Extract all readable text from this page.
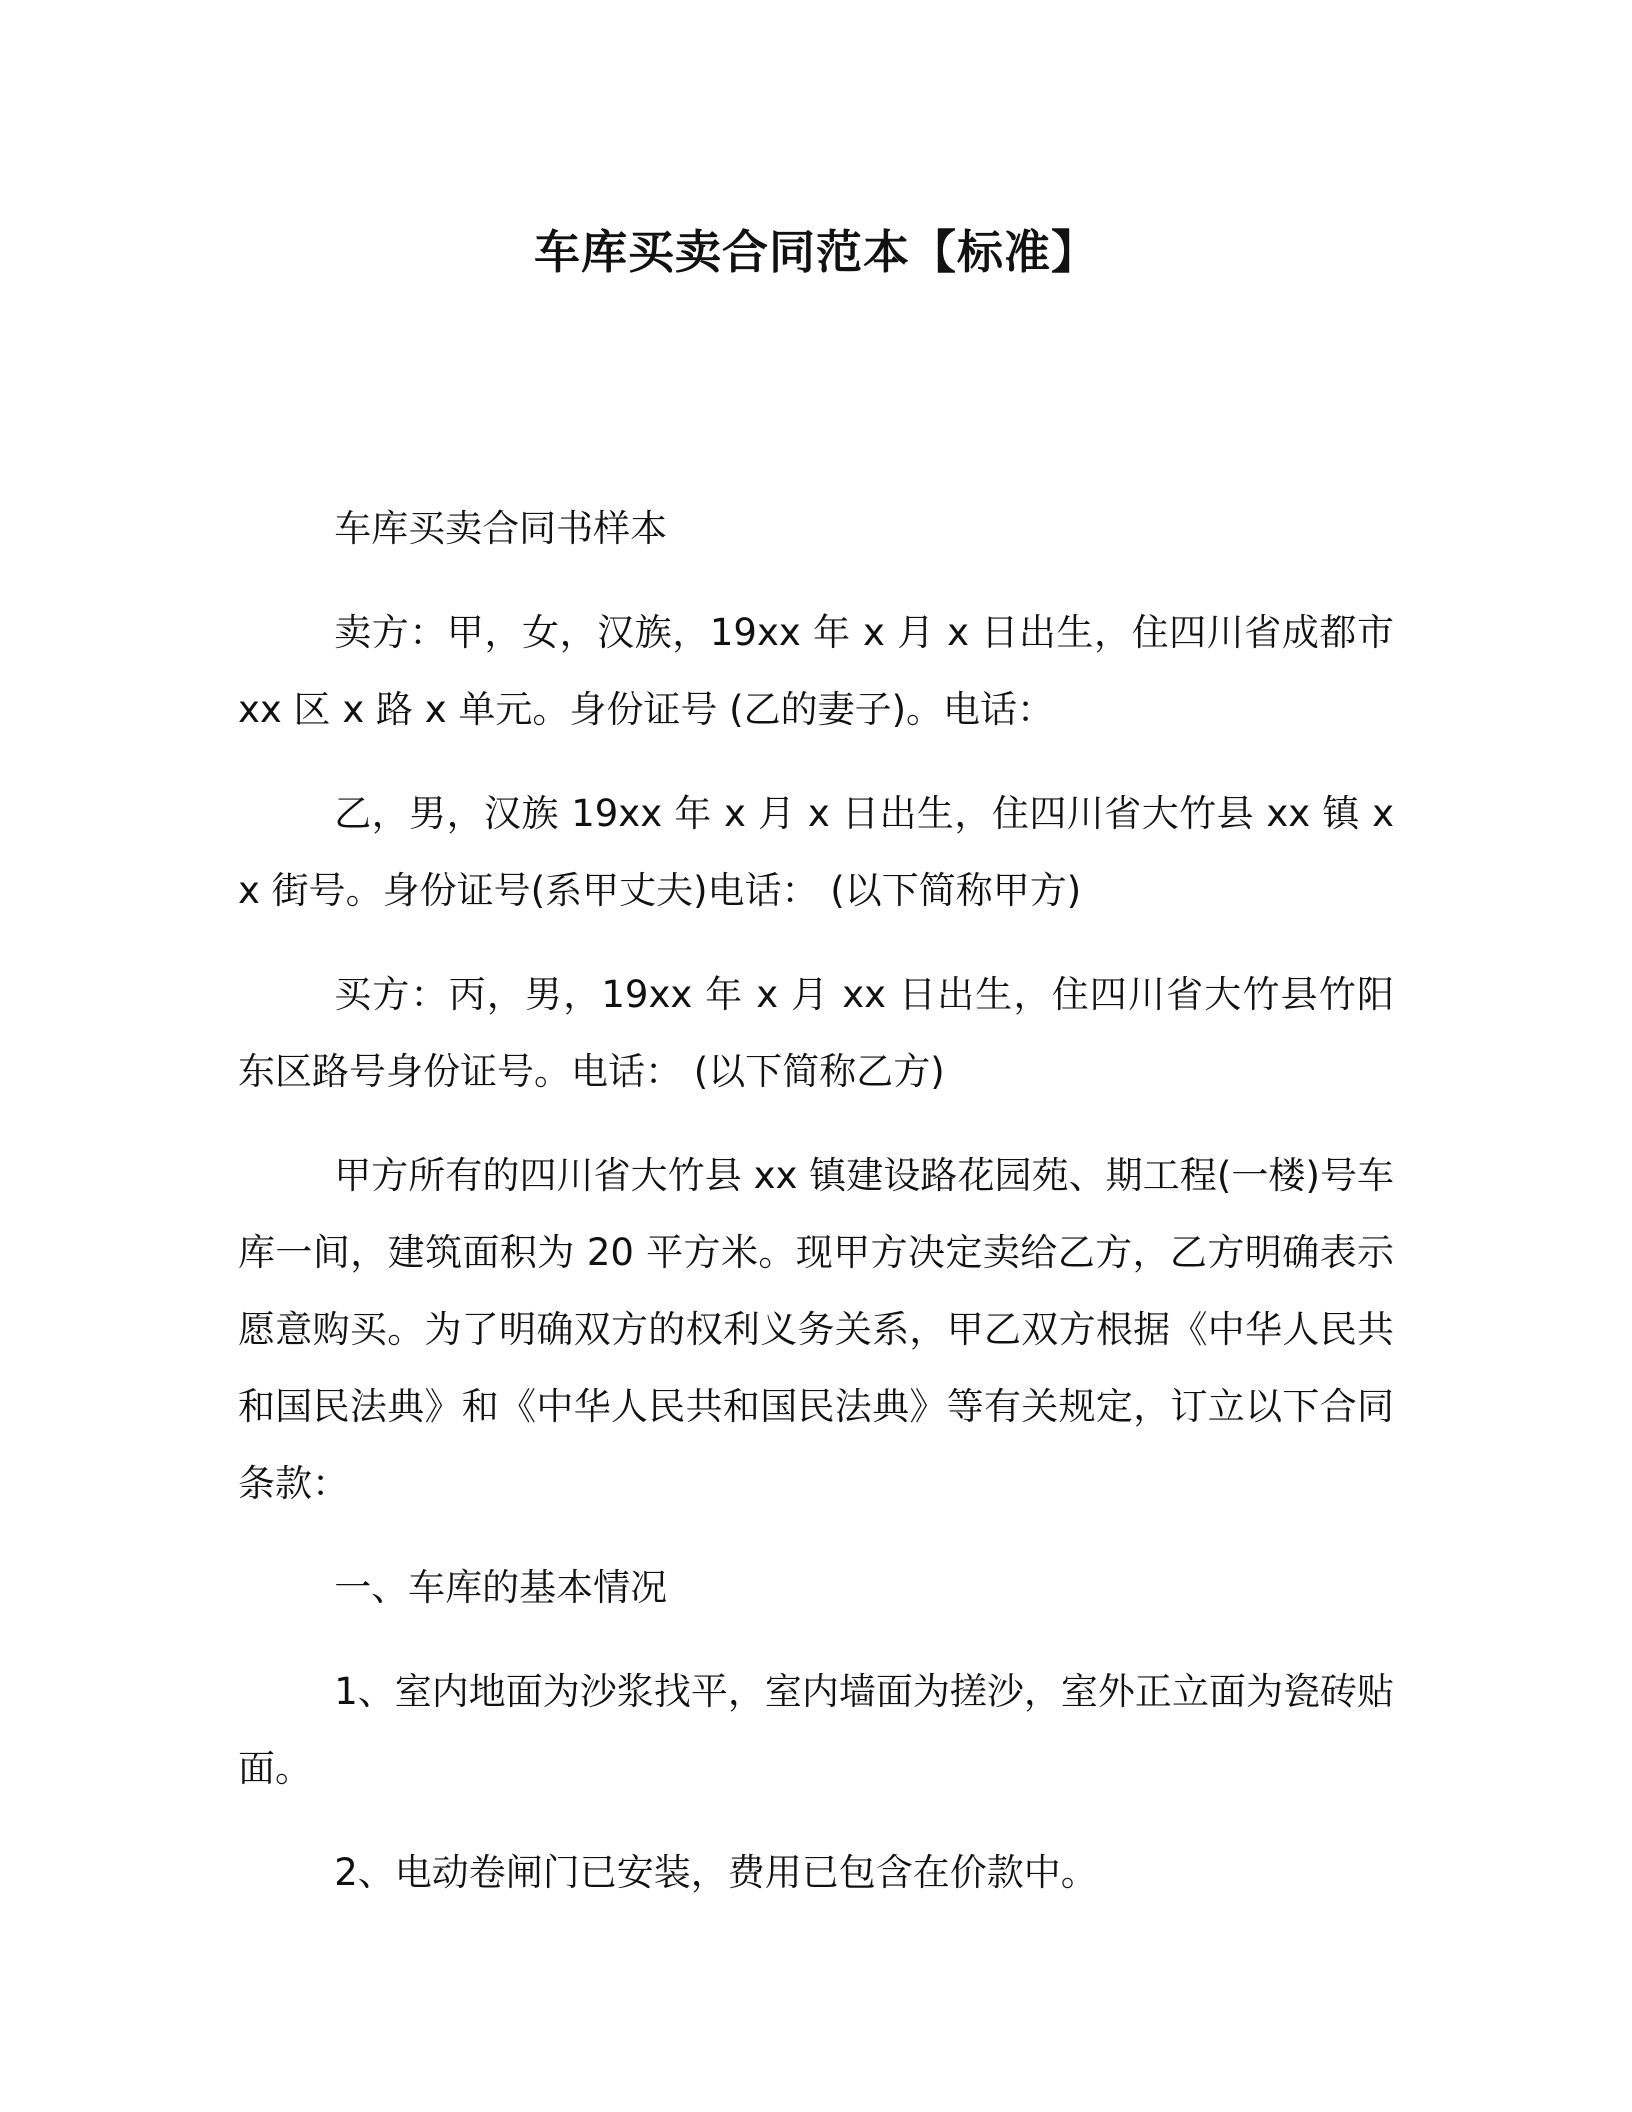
车库买卖合同范本【标准】

车库买卖合同书样本

卖方：甲，女，汉族，19xx 年 x 月 x 日出生，住四川省成都市 xx 区 x 路 x 单元。身份证号 (乙的妻子)。电话：

乙，男，汉族 19xx 年 x 月 x 日出生，住四川省大竹县 xx 镇 xx 街号。身份证号(系甲丈夫)电话： (以下简称甲方)

买方：丙，男，19xx 年 x 月 xx 日出生，住四川省大竹县竹阳东区路号身份证号。电话： (以下简称乙方)

甲方所有的四川省大竹县 xx 镇建设路花园苑、期工程(一楼)号车库一间，建筑面积为 20 平方米。现甲方决定卖给乙方，乙方明确表示愿意购买。为了明确双方的权利义务关系，甲乙双方根据《中华人民共和国民法典》和《中华人民共和国民法典》等有关规定，订立以下合同条款：

一、车库的基本情况

1、室内地面为沙浆找平，室内墙面为搓沙，室外正立面为瓷砖贴面。

2、电动卷闸门已安装，费用已包含在价款中。
